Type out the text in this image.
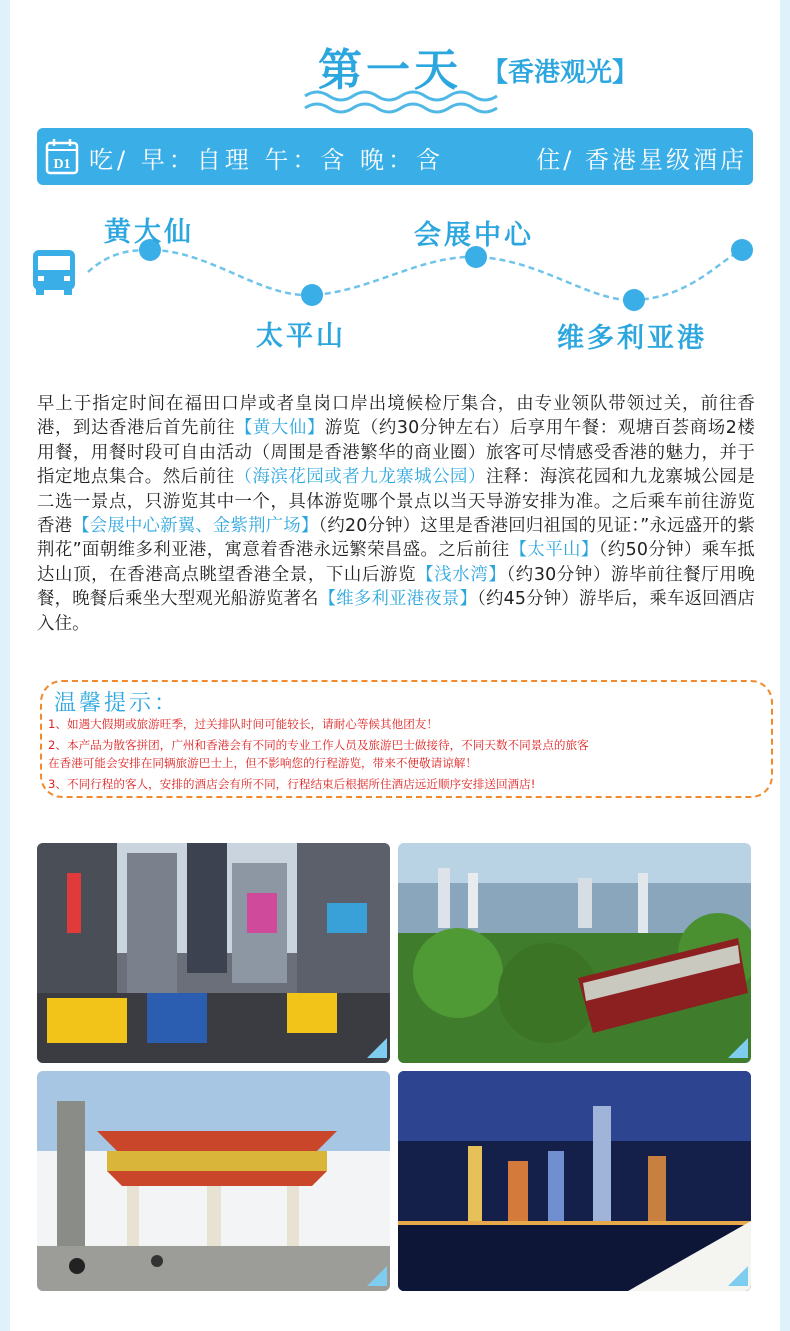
第一天 【香港观光】
D1 吃/ 早：自理 午：含 晚：含	住/ 香港星级酒店
黄大仙
太平山
会展中心
维多利亚港
早上于指定时间在福田口岸或者皇岗口岸出境候检厅集合，由专业领队带领过关，前往香港，到达香港后首先前往【黄大仙】游览（约30分钟左右）后享用午餐：观塘百荟商场2楼用餐，用餐时段可自由活动（周围是香港繁华的商业圈）旅客可尽情感受香港的魅力，并于指定地点集合。然后前往（海滨花园或者九龙寨城公园）注释：海滨花园和九龙寨城公园是二选一景点，只游览其中一个，具体游览哪个景点以当天导游安排为准。之后乘车前往游览香港【会展中心新翼、金紫荆广场】（约20分钟）这里是香港回归祖国的见证：”永远盛开的紫荆花”面朝维多利亚港，寓意着香港永远繁荣昌盛。之后前往【太平山】（约50分钟）乘车抵达山顶，在香港高点眺望香港全景，下山后游览【浅水湾】（约30分钟）游毕前往餐厅用晚餐，晚餐后乘坐大型观光船游览著名【维多利亚港夜景】（约45分钟）游毕后，乘车返回酒店入住。
温馨提示：
1、如遇大假期或旅游旺季，过关排队时间可能较长，请耐心等候其他团友！
2、本产品为散客拼团，广州和香港会有不同的专业工作人员及旅游巴士做接待，不同天数不同景点的旅客
在香港可能会安排在同辆旅游巴士上，但不影响您的行程游览，带来不便敬请谅解！
3、不同行程的客人，安排的酒店会有所不同，行程结束后根据所住酒店远近顺序安排送回酒店!
